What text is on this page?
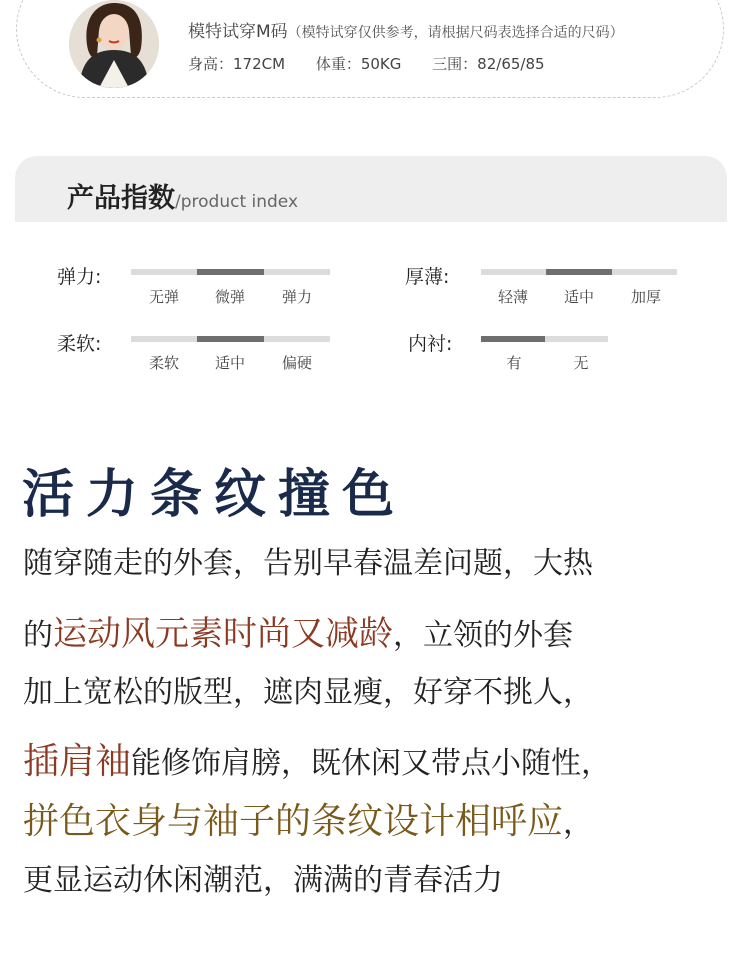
模特试穿M码（模特试穿仅供参考，请根据尺码表选择合适的尺码）
身高：172CM 体重：50KG 三围：82/65/85
产品指数/product index
弹力:
无弹	微弹	弹力
厚薄:
轻薄	适中	加厚
柔软:
柔软	适中	偏硬
内衬:
有	无
活力条纹撞色
随穿随走的外套，告别早春温差问题，大热
的运动风元素时尚又减龄，立领的外套
加上宽松的版型，遮肉显瘦，好穿不挑人，
插肩袖能修饰肩膀，既休闲又带点小随性，
拼色衣身与袖子的条纹设计相呼应，
更显运动休闲潮范，满满的青春活力
